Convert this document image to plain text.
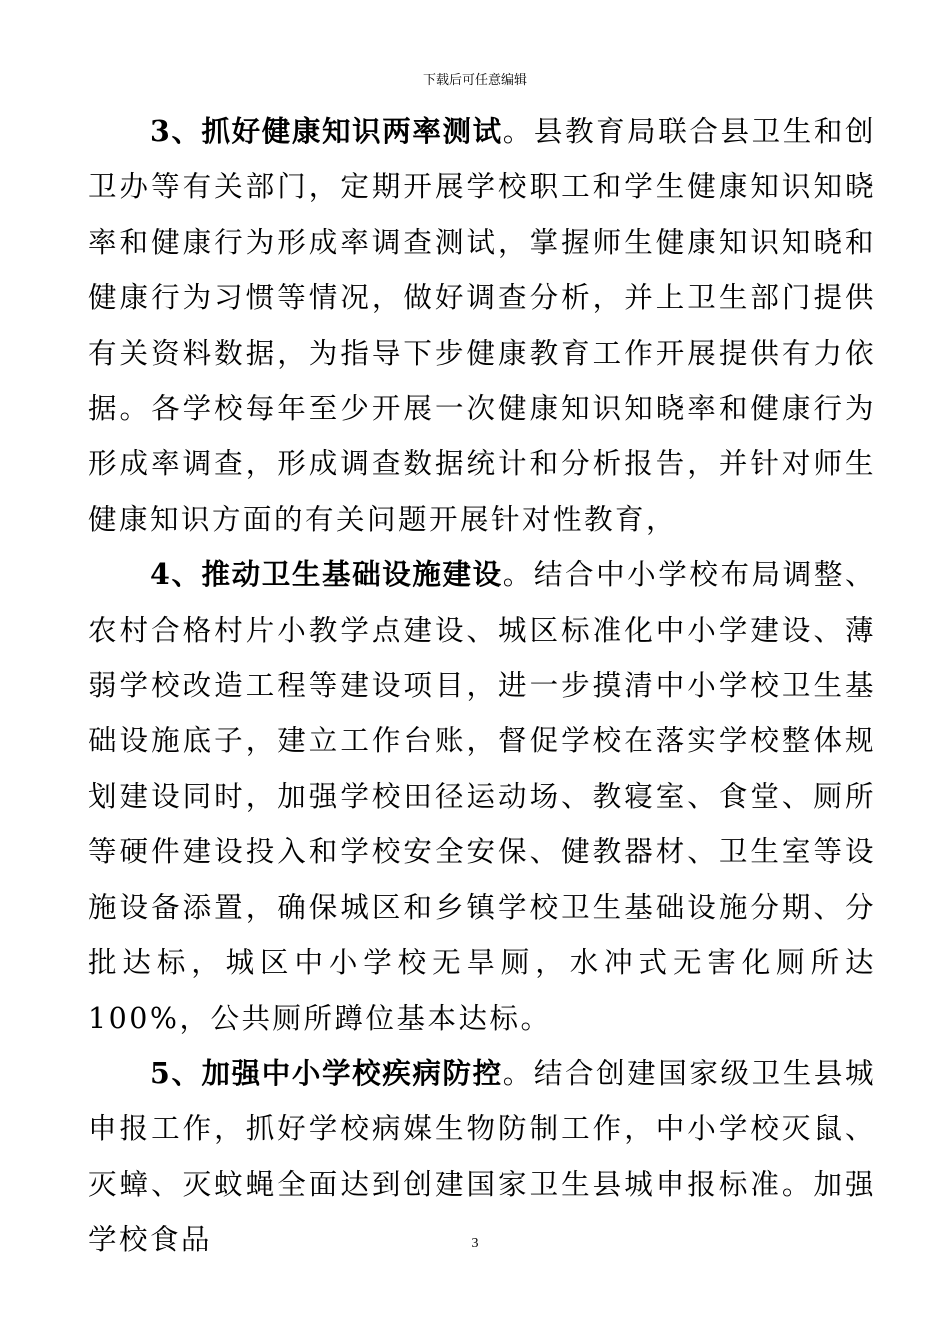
下载后可任意编辑

3、抓好健康知识两率测试。县教育局联合县卫生和创卫办等有关部门，定期开展学校职工和学生健康知识知晓率和健康行为形成率调查测试，掌握师生健康知识知晓和健康行为习惯等情况，做好调查分析，并上卫生部门提供有关资料数据，为指导下步健康教育工作开展提供有力依据。各学校每年至少开展一次健康知识知晓率和健康行为形成率调查，形成调查数据统计和分析报告，并针对师生健康知识方面的有关问题开展针对性教育，

4、推动卫生基础设施建设。结合中小学校布局调整、农村合格村片小教学点建设、城区标准化中小学建设、薄弱学校改造工程等建设项目，进一步摸清中小学校卫生基础设施底子，建立工作台账，督促学校在落实学校整体规划建设同时，加强学校田径运动场、教寝室、食堂、厕所等硬件建设投入和学校安全安保、健教器材、卫生室等设施设备添置，确保城区和乡镇学校卫生基础设施分期、分批达标，城区中小学校无旱厕，水冲式无害化厕所达100%，公共厕所蹲位基本达标。

5、加强中小学校疾病防控。结合创建国家级卫生县城申报工作，抓好学校病媒生物防制工作，中小学校灭鼠、灭蟑、灭蚊蝇全面达到创建国家卫生县城申报标准。加强学校食品	3
